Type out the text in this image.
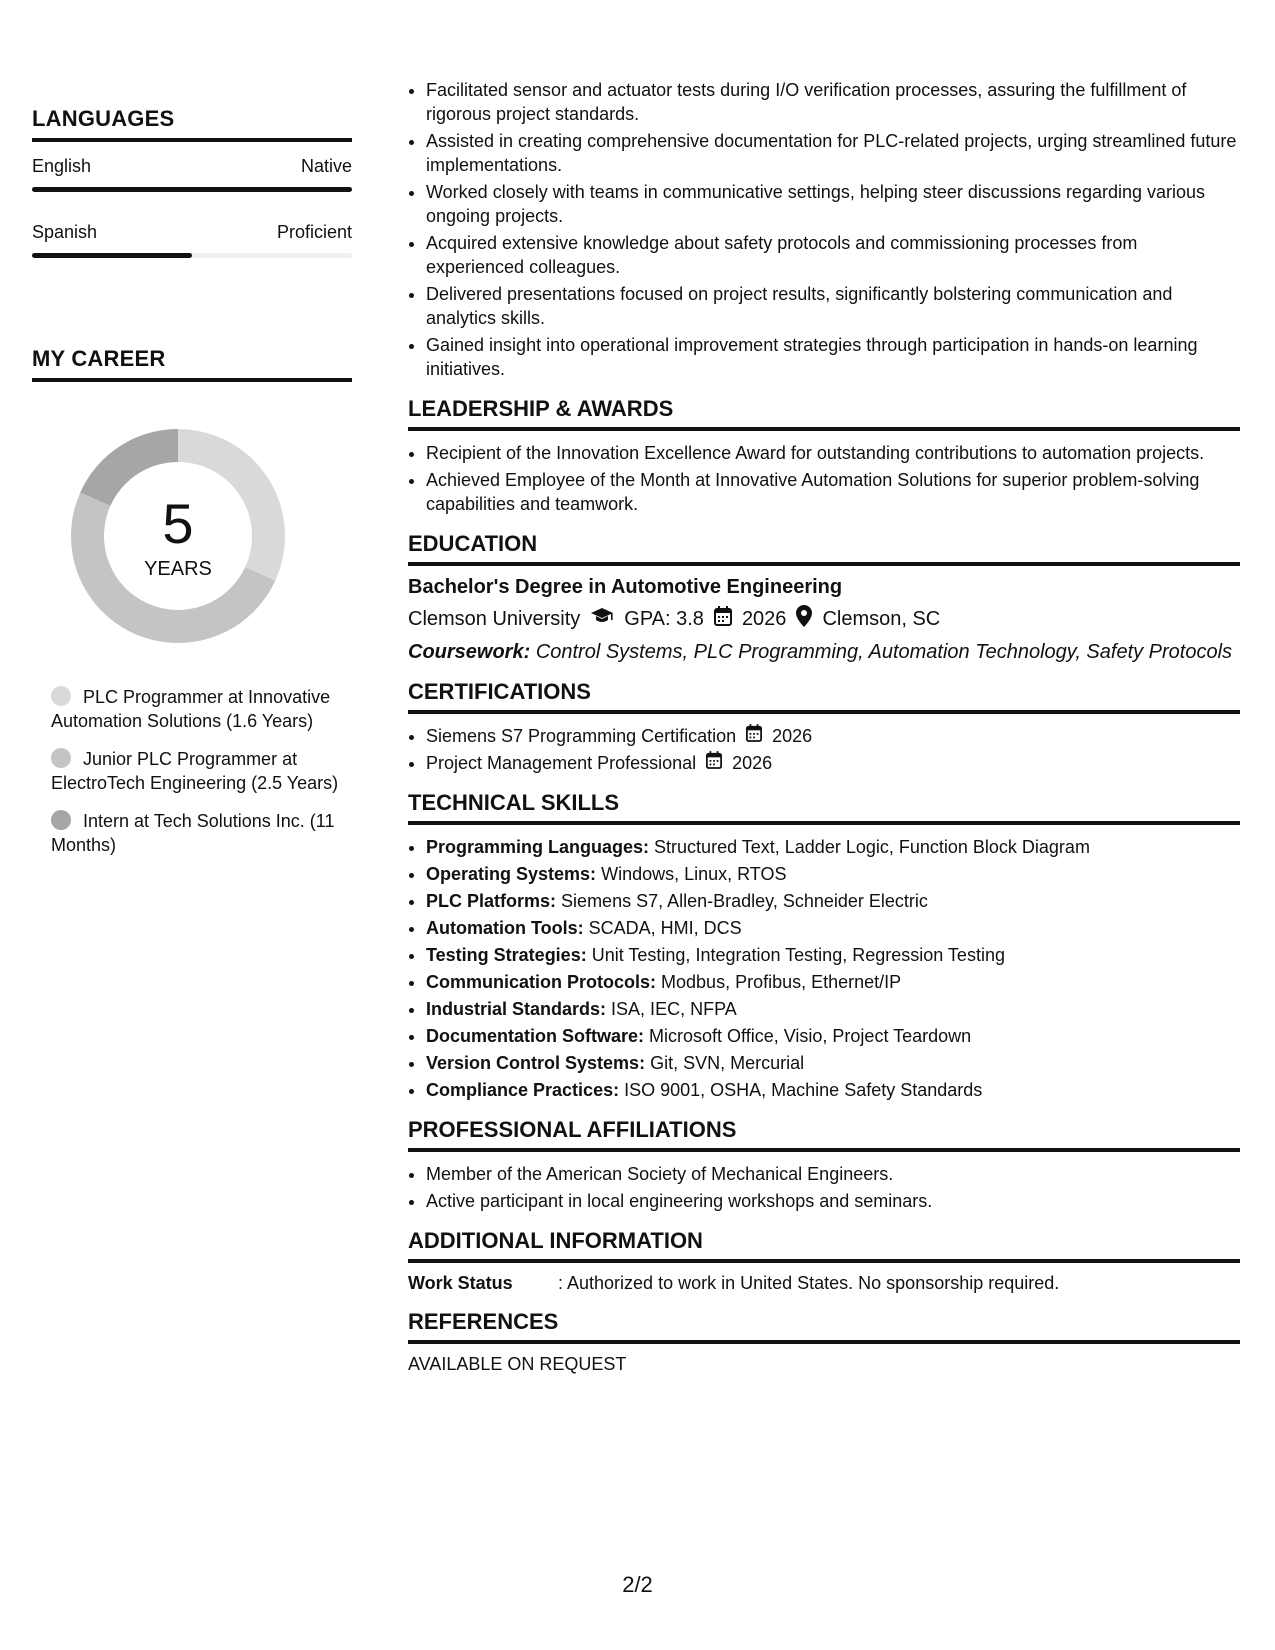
LANGUAGES
English	Native
Spanish	Proficient
MY CAREER
5
YEARS
PLC Programmer at Innovative Automation Solutions (1.6 Years)
Junior PLC Programmer at ElectroTech Engineering (2.5 Years)
Intern at Tech Solutions Inc. (11 Months)
• Facilitated sensor and actuator tests during I/O verification processes, assuring the fulfillment of rigorous project standards.
• Assisted in creating comprehensive documentation for PLC-related projects, urging streamlined future implementations.
• Worked closely with teams in communicative settings, helping steer discussions regarding various ongoing projects.
• Acquired extensive knowledge about safety protocols and commissioning processes from experienced colleagues.
• Delivered presentations focused on project results, significantly bolstering communication and analytics skills.
• Gained insight into operational improvement strategies through participation in hands-on learning initiatives.
LEADERSHIP & AWARDS
• Recipient of the Innovation Excellence Award for outstanding contributions to automation projects.
• Achieved Employee of the Month at Innovative Automation Solutions for superior problem-solving capabilities and teamwork.
EDUCATION
Bachelor's Degree in Automotive Engineering
Clemson University GPA: 3.8 2026 Clemson, SC
Coursework: Control Systems, PLC Programming, Automation Technology, Safety Protocols
CERTIFICATIONS
• Siemens S7 Programming Certification 2026
• Project Management Professional 2026
TECHNICAL SKILLS
• Programming Languages: Structured Text, Ladder Logic, Function Block Diagram
• Operating Systems: Windows, Linux, RTOS
• PLC Platforms: Siemens S7, Allen-Bradley, Schneider Electric
• Automation Tools: SCADA, HMI, DCS
• Testing Strategies: Unit Testing, Integration Testing, Regression Testing
• Communication Protocols: Modbus, Profibus, Ethernet/IP
• Industrial Standards: ISA, IEC, NFPA
• Documentation Software: Microsoft Office, Visio, Project Teardown
• Version Control Systems: Git, SVN, Mercurial
• Compliance Practices: ISO 9001, OSHA, Machine Safety Standards
PROFESSIONAL AFFILIATIONS
• Member of the American Society of Mechanical Engineers.
• Active participant in local engineering workshops and seminars.
ADDITIONAL INFORMATION
Work Status	: Authorized to work in United States. No sponsorship required.
REFERENCES
AVAILABLE ON REQUEST
2/2
